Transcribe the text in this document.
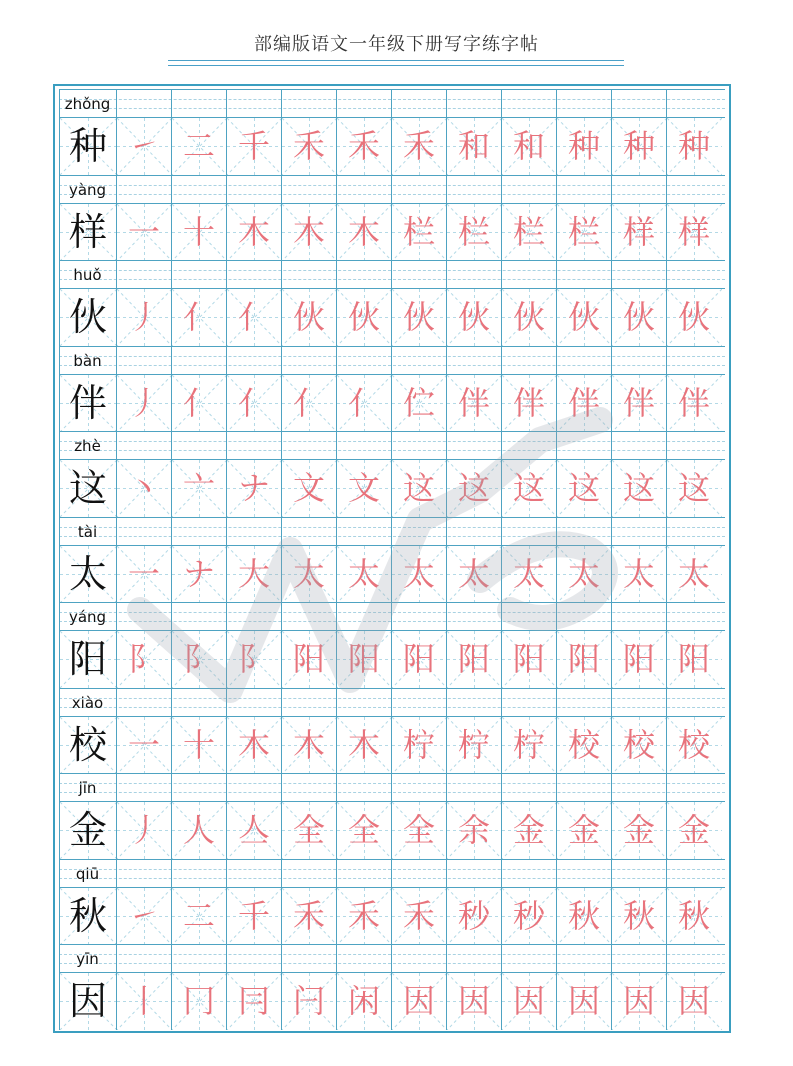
部编版语文一年级下册写字练字帖
zhǒng
种 ㇀ 二 千 禾 禾 禾 和 和 种 种 种
yàng
样 一 十 木 木 木 栏 栏 栏 栏 样 样
huǒ
伙 丿 亻 亻 伙 伙 伙 伙 伙 伙 伙 伙
bàn
伴 丿 亻 亻 亻 亻 伫 伴 伴 伴 伴 伴
zhè
这 丶 亠 ナ 文 文 这 这 这 这 这 这
tài
太 一 ナ 大 太 太 太 太 太 太 太 太
yáng
阳 阝 阝 阝 阳 阳 阳 阳 阳 阳 阳 阳
xiào
校 一 十 木 木 木 柠 柠 柠 校 校 校
jīn
金 丿 人 亼 全 全 全 余 金 金 金 金
qiū
秋 ㇀ 二 千 禾 禾 禾 秒 秒 秋 秋 秋
yīn
因 丨 冂 冃 闩 闲 因 因 因 因 因 因
